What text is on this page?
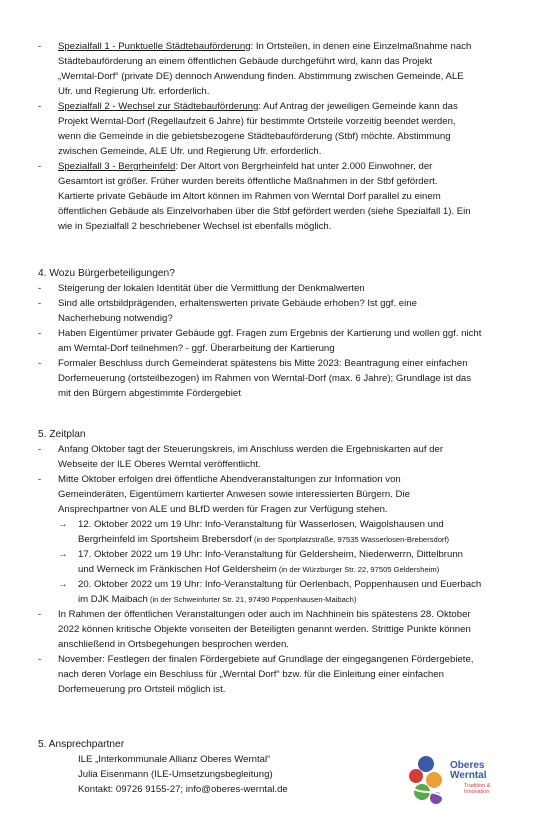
- Spezialfall 1 - Punktuelle Städtebauförderung: In Ortsteilen, in denen eine Einzelmaßnahme nach
Städtebauförderung an einem öffentlichen Gebäude durchgeführt wird, kann das Projekt
„Werntal-Dorf“ (private DE) dennoch Anwendung finden. Abstimmung zwischen Gemeinde, ALE
Ufr. und Regierung Ufr. erforderlich.
- Spezialfall 2 - Wechsel zur Städtebauförderung: Auf Antrag der jeweiligen Gemeinde kann das
Projekt Werntal-Dorf (Regellaufzeit 6 Jahre) für bestimmte Ortsteile vorzeitig beendet werden,
wenn die Gemeinde in die gebietsbezogene Städtebauförderung (Stbf) möchte. Abstimmung
zwischen Gemeinde, ALE Ufr. und Regierung Ufr. erforderlich.
- Spezialfall 3 - Bergrheinfeld: Der Altort von Bergrheinfeld hat unter 2.000 Einwohner, der
Gesamtort ist größer. Früher wurden bereits öffentliche Maßnahmen in der Stbf gefördert.
Kartierte private Gebäude im Altort können im Rahmen von Werntal Dorf parallel zu einem
öffentlichen Gebäude als Einzelvorhaben über die Stbf gefördert werden (siehe Spezialfall 1). Ein
wie in Spezialfall 2 beschriebener Wechsel ist ebenfalls möglich.
4. Wozu Bürgerbeteiligungen?
- Steigerung der lokalen Identität über die Vermittlung der Denkmalwerten
- Sind alle ortsbildprägenden, erhaltenswerten private Gebäude erhoben? Ist ggf. eine
Nacherhebung notwendig?
- Haben Eigentümer privater Gebäude ggf. Fragen zum Ergebnis der Kartierung und wollen ggf. nicht
am Werntal-Dorf teilnehmen? - ggf. Überarbeitung der Kartierung
- Formaler Beschluss durch Gemeinderat spätestens bis Mitte 2023: Beantragung einer einfachen
Dorferneuerung (ortsteilbezogen) im Rahmen von Werntal-Dorf (max. 6 Jahre); Grundlage ist das
mit den Bürgern abgestimmte Fördergebiet
5. Zeitplan
- Anfang Oktober tagt der Steuerungskreis, im Anschluss werden die Ergebniskarten auf der
Webseite der ILE Oberes Werntal veröffentlicht.
- Mitte Oktober erfolgen drei öffentliche Abendveranstaltungen zur Information von
Gemeinderäten, Eigentümern kartierter Anwesen sowie interessierten Bürgern. Die
Ansprechpartner von ALE und BLfD werden für Fragen zur Verfügung stehen.
→ 12. Oktober 2022 um 19 Uhr: Info-Veranstaltung für Wasserlosen, Waigolshausen und
Bergrheinfeld im Sportsheim Brebersdorf (in der Sportplatzstraße, 97535 Wasserlosen-Brebersdorf)
→ 17. Oktober 2022 um 19 Uhr: Info-Veranstaltung für Geldersheim, Niederwerrn, Dittelbrunn
und Werneck im Fränkischen Hof Geldersheim (in der Würzburger Str. 22, 97505 Geldersheim)
→ 20. Oktober 2022 um 19 Uhr: Info-Veranstaltung für Oerlenbach, Poppenhausen und Euerbach
im DJK Maibach (in der Schweinfurter Str. 21, 97490 Poppenhausen-Maibach)
- In Rahmen der öffentlichen Veranstaltungen oder auch im Nachhinein bis spätestens 28. Oktober
2022 können kritische Objekte vonseiten der Beteiligten genannt werden. Strittige Punkte können
anschließend in Ortsbegehungen besprochen werden.
- November: Festlegen der finalen Fördergebiete auf Grundlage der eingegangenen Fördergebiete,
nach deren Vorlage ein Beschluss für „Werntal Dorf“ bzw. für die Einleitung einer einfachen
Dorferneuerung pro Ortsteil möglich ist.
5. Ansprechpartner
ILE „Interkommunale Allianz Oberes Werntal“
Julia Eisenmann (ILE-Umsetzungsbegleitung)
Kontakt: 09726 9155-27; info@oberes-werntal.de
Oberes
Werntal
Tradition &
Innovation
